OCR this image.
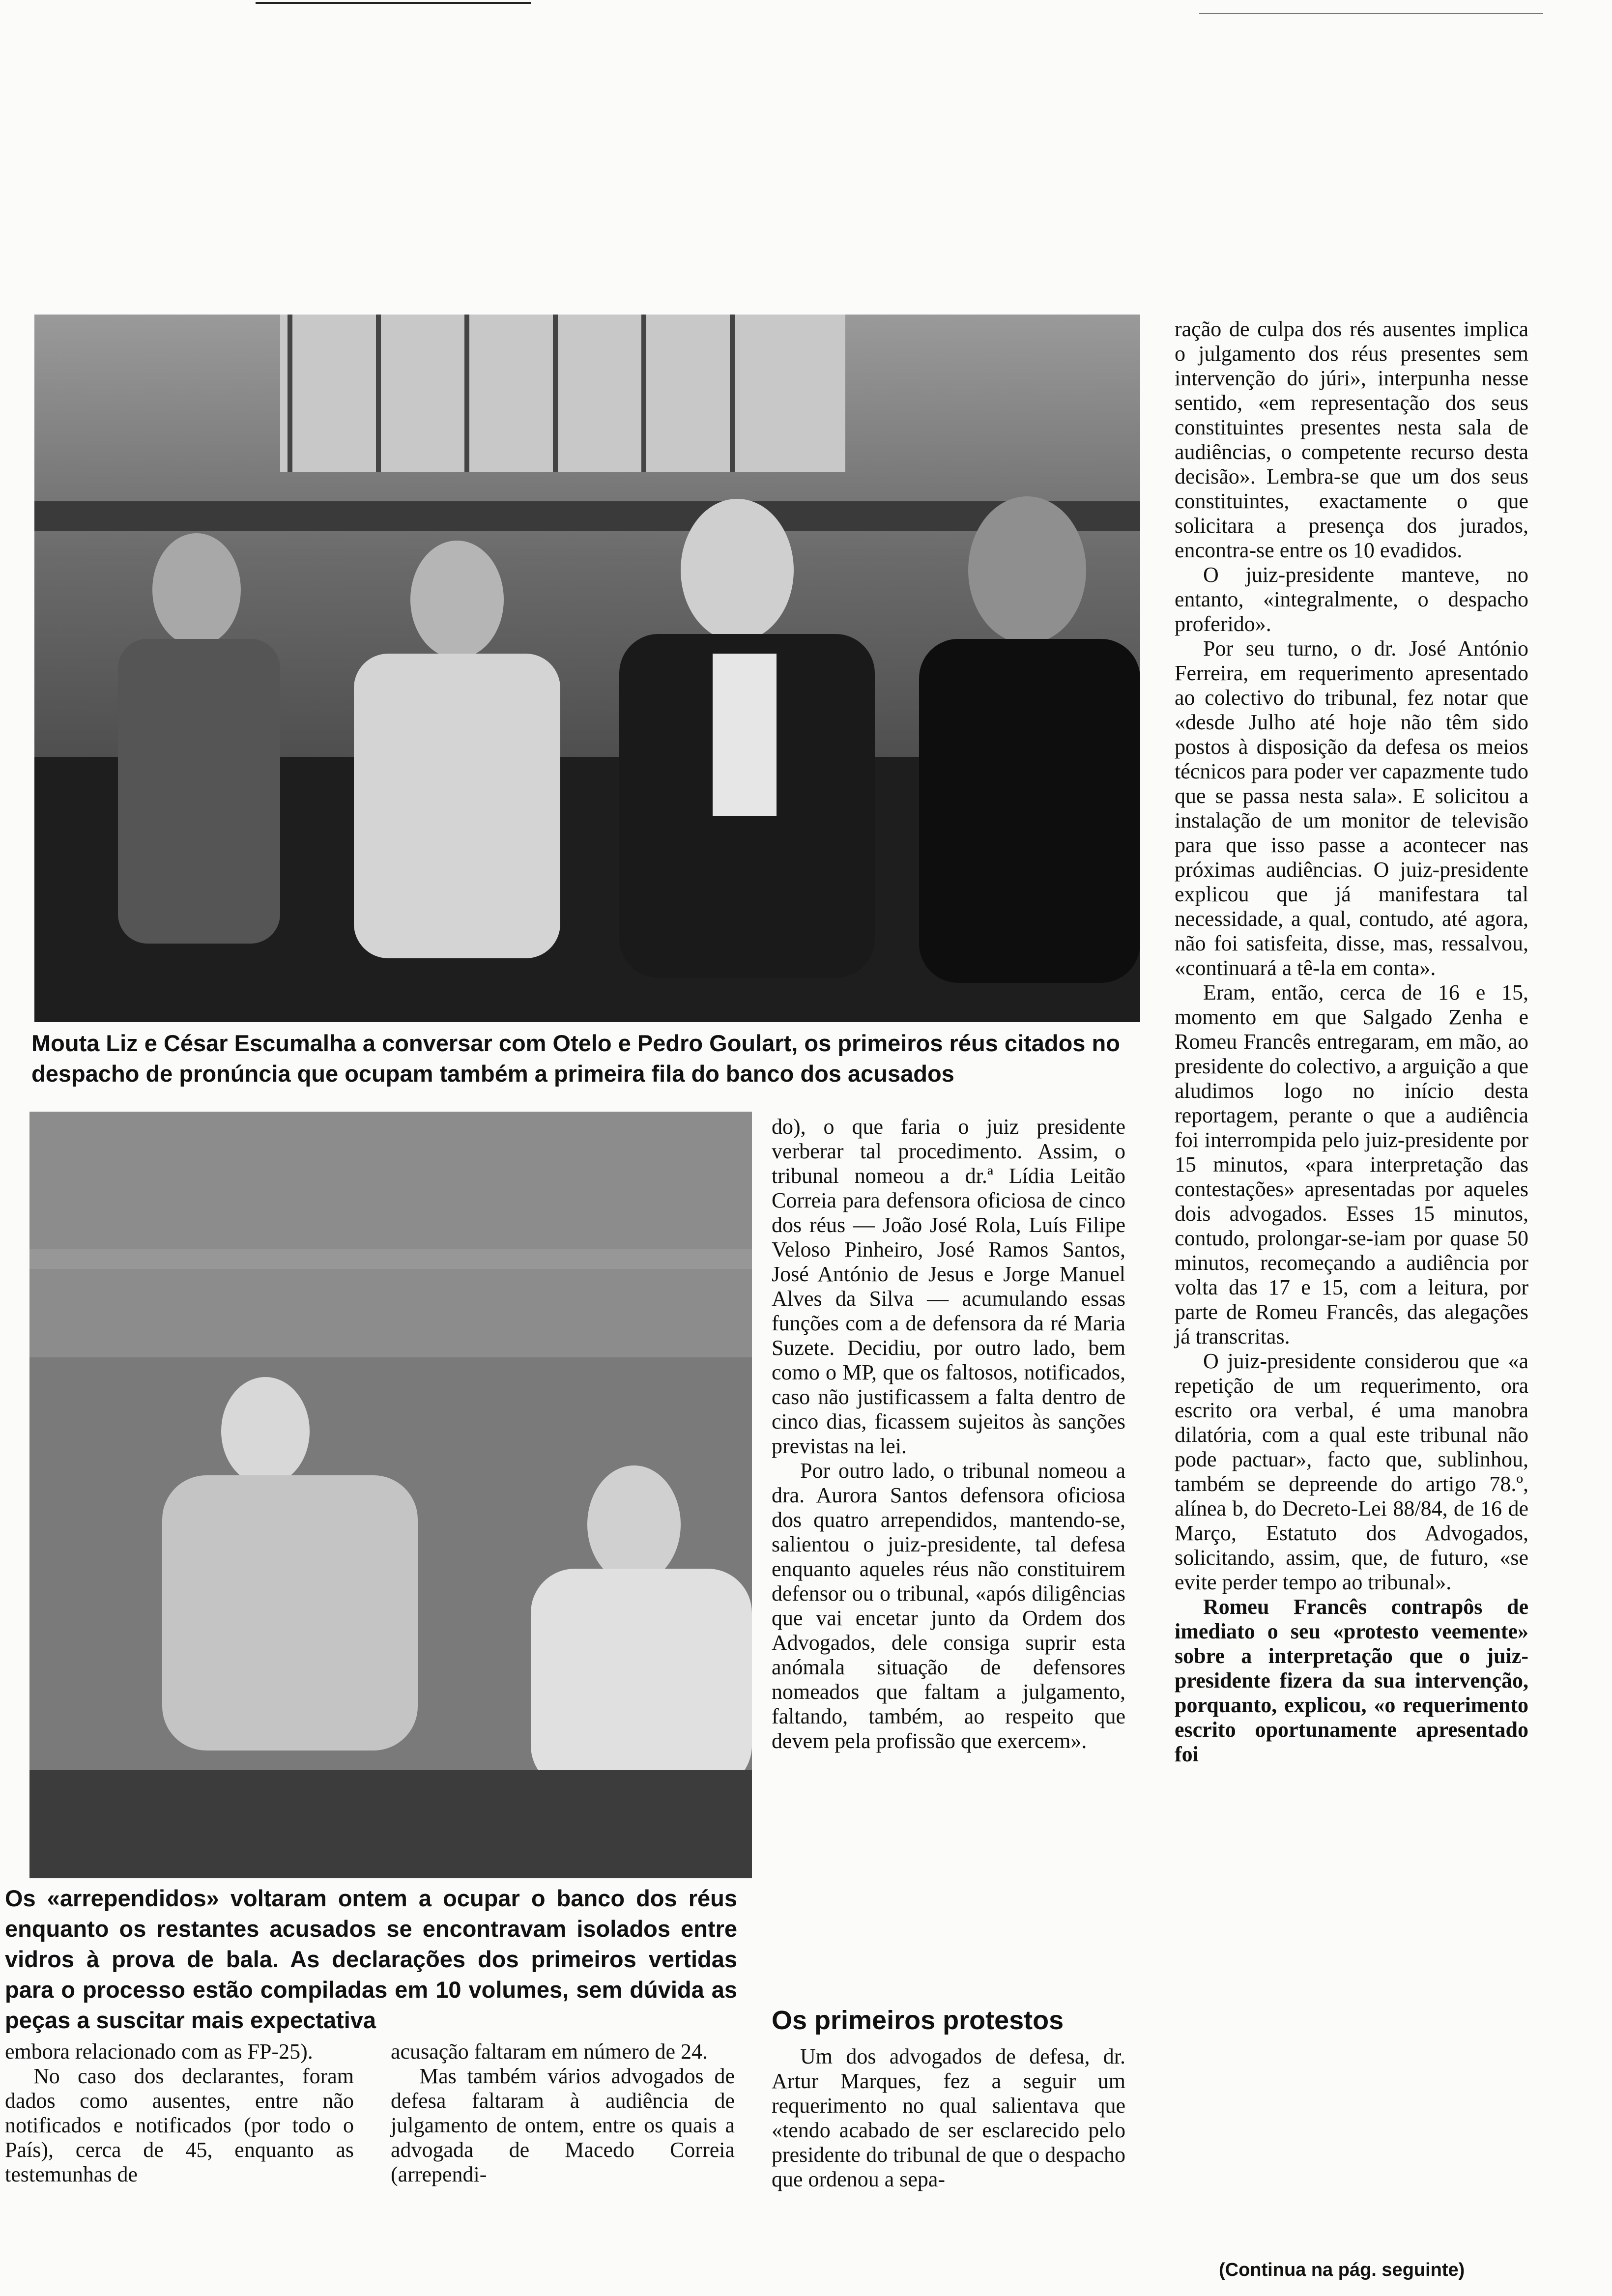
Mouta Liz e César Escumalha a conversar com Otelo e Pedro Goulart, os primeiros réus citados no despacho de pronúncia que ocupam também a primeira fila do banco dos acusados
Os «arrependidos» voltaram ontem a ocupar o banco dos réus enquanto os restantes acusados se encontravam isolados entre vidros à prova de bala. As declarações dos primeiros vertidas para o processo estão compiladas em 10 volumes, sem dúvida as peças a suscitar mais expectativa

embora relacionado com as FP-25).

No caso dos declarantes, foram dados como ausentes, entre não notificados e notificados (por todo o País), cerca de 45, enquanto as testemunhas de

acusação faltaram em número de 24.

Mas também vários advogados de defesa faltaram à audiência de julgamento de ontem, entre os quais a advogada de Macedo Correia (arrependi-

do), o que faria o juiz presidente verberar tal procedimento. Assim, o tribunal nomeou a dr.ª Lídia Leitão Correia para defensora oficiosa de cinco dos réus — João José Rola, Luís Filipe Veloso Pinheiro, José Ramos Santos, José António de Jesus e Jorge Manuel Alves da Silva — acumulando essas funções com a de defensora da ré Maria Suzete. Decidiu, por outro lado, bem como o MP, que os faltosos, notificados, caso não justificassem a falta dentro de cinco dias, ficassem sujeitos às sanções previstas na lei.

Por outro lado, o tribunal nomeou a dra. Aurora Santos defensora oficiosa dos quatro arrependidos, mantendo-se, salientou o juiz-presidente, tal defesa enquanto aqueles réus não constituirem defensor ou o tribunal, «após diligências que vai encetar junto da Ordem dos Advogados, dele consiga suprir esta anómala situação de defensores nomeados que faltam a julgamento, faltando, também, ao respeito que devem pela profissão que exercem».

Os primeiros protestos

Um dos advogados de defesa, dr. Artur Marques, fez a seguir um requerimento no qual salientava que «tendo acabado de ser esclarecido pelo presidente do tribunal de que o despacho que ordenou a sepa-

ração de culpa dos rés ausentes implica o julgamento dos réus presentes sem intervenção do júri», interpunha nesse sentido, «em representação dos seus constituintes presentes nesta sala de audiências, o competente recurso desta decisão». Lembra-se que um dos seus constituintes, exactamente o que solicitara a presença dos jurados, encontra-se entre os 10 evadidos.

O juiz-presidente manteve, no entanto, «integralmente, o despacho proferido».

Por seu turno, o dr. José António Ferreira, em requerimento apresentado ao colectivo do tribunal, fez notar que «desde Julho até hoje não têm sido postos à disposição da defesa os meios técnicos para poder ver capazmente tudo que se passa nesta sala». E solicitou a instalação de um monitor de televisão para que isso passe a acontecer nas próximas audiências. O juiz-presidente explicou que já manifestara tal necessidade, a qual, contudo, até agora, não foi satisfeita, disse, mas, ressalvou, «continuará a tê-la em conta».

Eram, então, cerca de 16 e 15, momento em que Salgado Zenha e Romeu Francês entregaram, em mão, ao presidente do colectivo, a arguição a que aludimos logo no início desta reportagem, perante o que a audiência foi interrompida pelo juiz-presidente por 15 minutos, «para interpretação das contestações» apresentadas por aqueles dois advogados. Esses 15 minutos, contudo, prolongar-se-iam por quase 50 minutos, recomeçando a audiência por volta das 17 e 15, com a leitura, por parte de Romeu Francês, das alegações já transcritas.

O juiz-presidente considerou que «a repetição de um requerimento, ora escrito ora verbal, é uma manobra dilatória, com a qual este tribunal não pode pactuar», facto que, sublinhou, também se depreende do artigo 78.º, alínea b, do Decreto-Lei 88/84, de 16 de Março, Estatuto dos Advogados, solicitando, assim, que, de futuro, «se evite perder tempo ao tribunal».

Romeu Francês contrapôs de imediato o seu «protesto veemente» sobre a interpretação que o juiz-presidente fizera da sua intervenção, porquanto, explicou, «o requerimento escrito oportunamente apresentado foi

(Continua na pág. seguinte)
